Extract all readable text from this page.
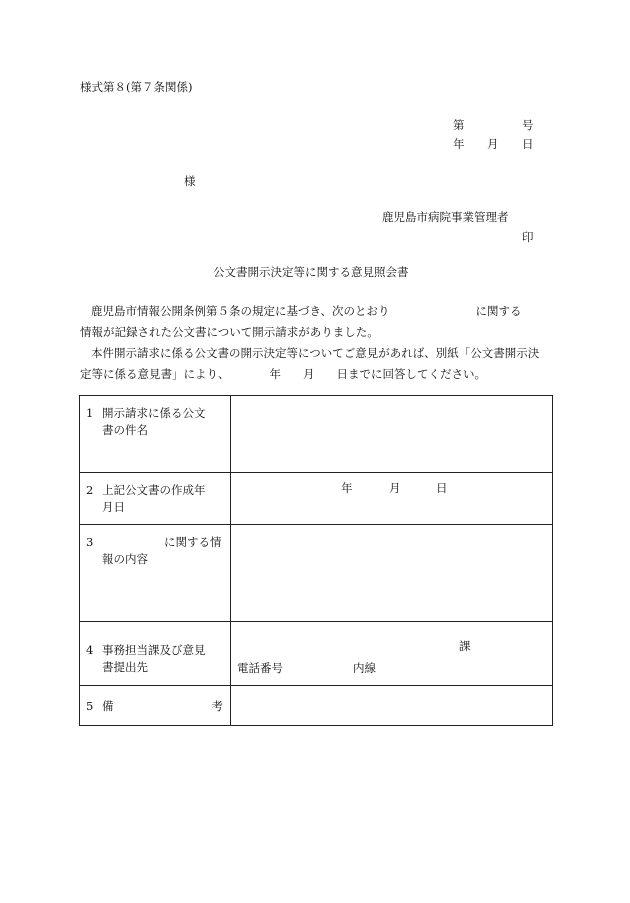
様式第８(第７条関係)
第	号
年 月 日
様
鹿児島市病院事業管理者
印
公文書開示決定等に関する意見照会書
鹿児島市情報公開条例第５条の規定に基づき、次のとおり	に関する
情報が記録された公文書について開示請求がありました。
本件開示請求に係る公文書の開示決定等についてご意見があれば、別紙「公文書開示決
定等に係る意見書」により、	年 月 日までに回答してください。
1 開示請求に係る公文
書の件名	

2 上記公文書の作成年
月日	年 月 日

3 に関する情
報の内容	

4 事務担当課及び意見
書提出先	課
電話番号 内線

5 備 考	
